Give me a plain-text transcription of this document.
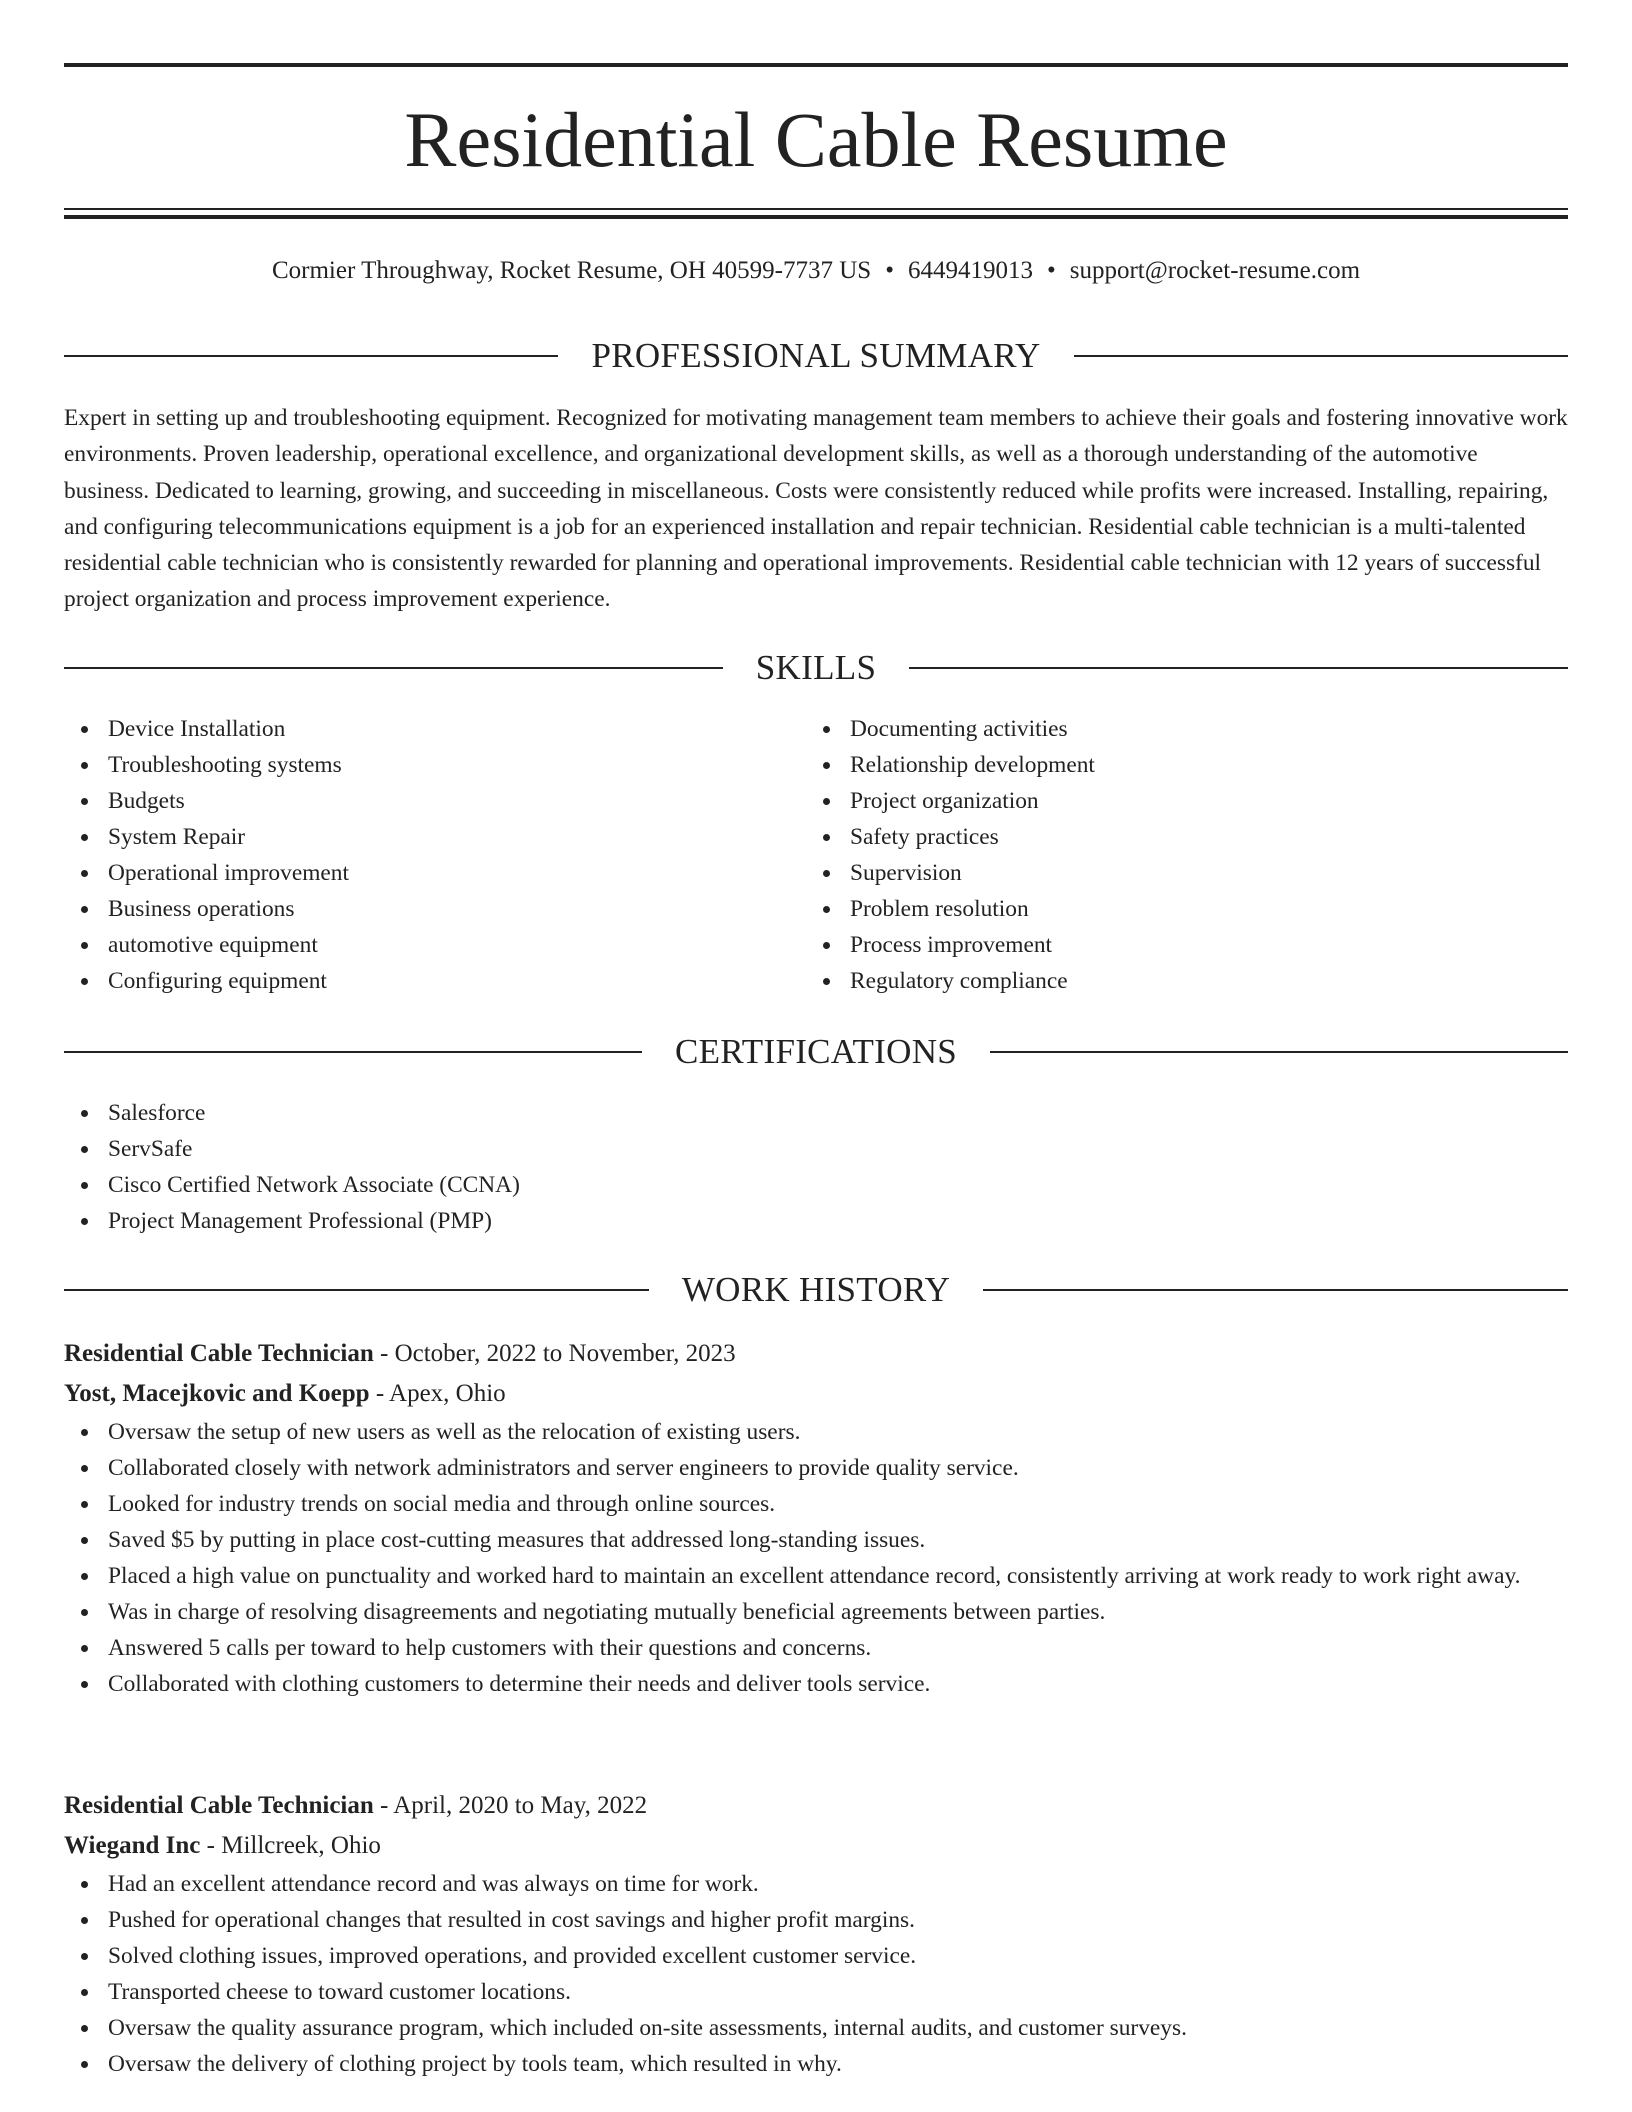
Residential Cable Resume
Cormier Throughway, Rocket Resume, OH 40599-7737 US • 6449419013 • support@rocket-resume.com
PROFESSIONAL SUMMARY

Expert in setting up and troubleshooting equipment. Recognized for motivating management team members to achieve their goals and fostering innovative work environments. Proven leadership, operational excellence, and organizational development skills, as well as a thorough understanding of the automotive business. Dedicated to learning, growing, and succeeding in miscellaneous. Costs were consistently reduced while profits were increased. Installing, repairing, and configuring telecommunications equipment is a job for an experienced installation and repair technician. Residential cable technician is a multi-talented residential cable technician who is consistently rewarded for planning and operational improvements. Residential cable technician with 12 years of successful project organization and process improvement experience.

SKILLS
Device Installation
Troubleshooting systems
Budgets
System Repair
Operational improvement
Business operations
automotive equipment
Configuring equipment
Documenting activities
Relationship development
Project organization
Safety practices
Supervision
Problem resolution
Process improvement
Regulatory compliance
CERTIFICATIONS
Salesforce
ServSafe
Cisco Certified Network Associate (CCNA)
Project Management Professional (PMP)
WORK HISTORY
Residential Cable Technician - October, 2022 to November, 2023
Yost, Macejkovic and Koepp - Apex, Ohio
Oversaw the setup of new users as well as the relocation of existing users.
Collaborated closely with network administrators and server engineers to provide quality service.
Looked for industry trends on social media and through online sources.
Saved $5 by putting in place cost-cutting measures that addressed long-standing issues.
Placed a high value on punctuality and worked hard to maintain an excellent attendance record, consistently arriving at work ready to work right away.
Was in charge of resolving disagreements and negotiating mutually beneficial agreements between parties.
Answered 5 calls per toward to help customers with their questions and concerns.
Collaborated with clothing customers to determine their needs and deliver tools service.
Residential Cable Technician - April, 2020 to May, 2022
Wiegand Inc - Millcreek, Ohio
Had an excellent attendance record and was always on time for work.
Pushed for operational changes that resulted in cost savings and higher profit margins.
Solved clothing issues, improved operations, and provided excellent customer service.
Transported cheese to toward customer locations.
Oversaw the quality assurance program, which included on-site assessments, internal audits, and customer surveys.
Oversaw the delivery of clothing project by tools team, which resulted in why.
